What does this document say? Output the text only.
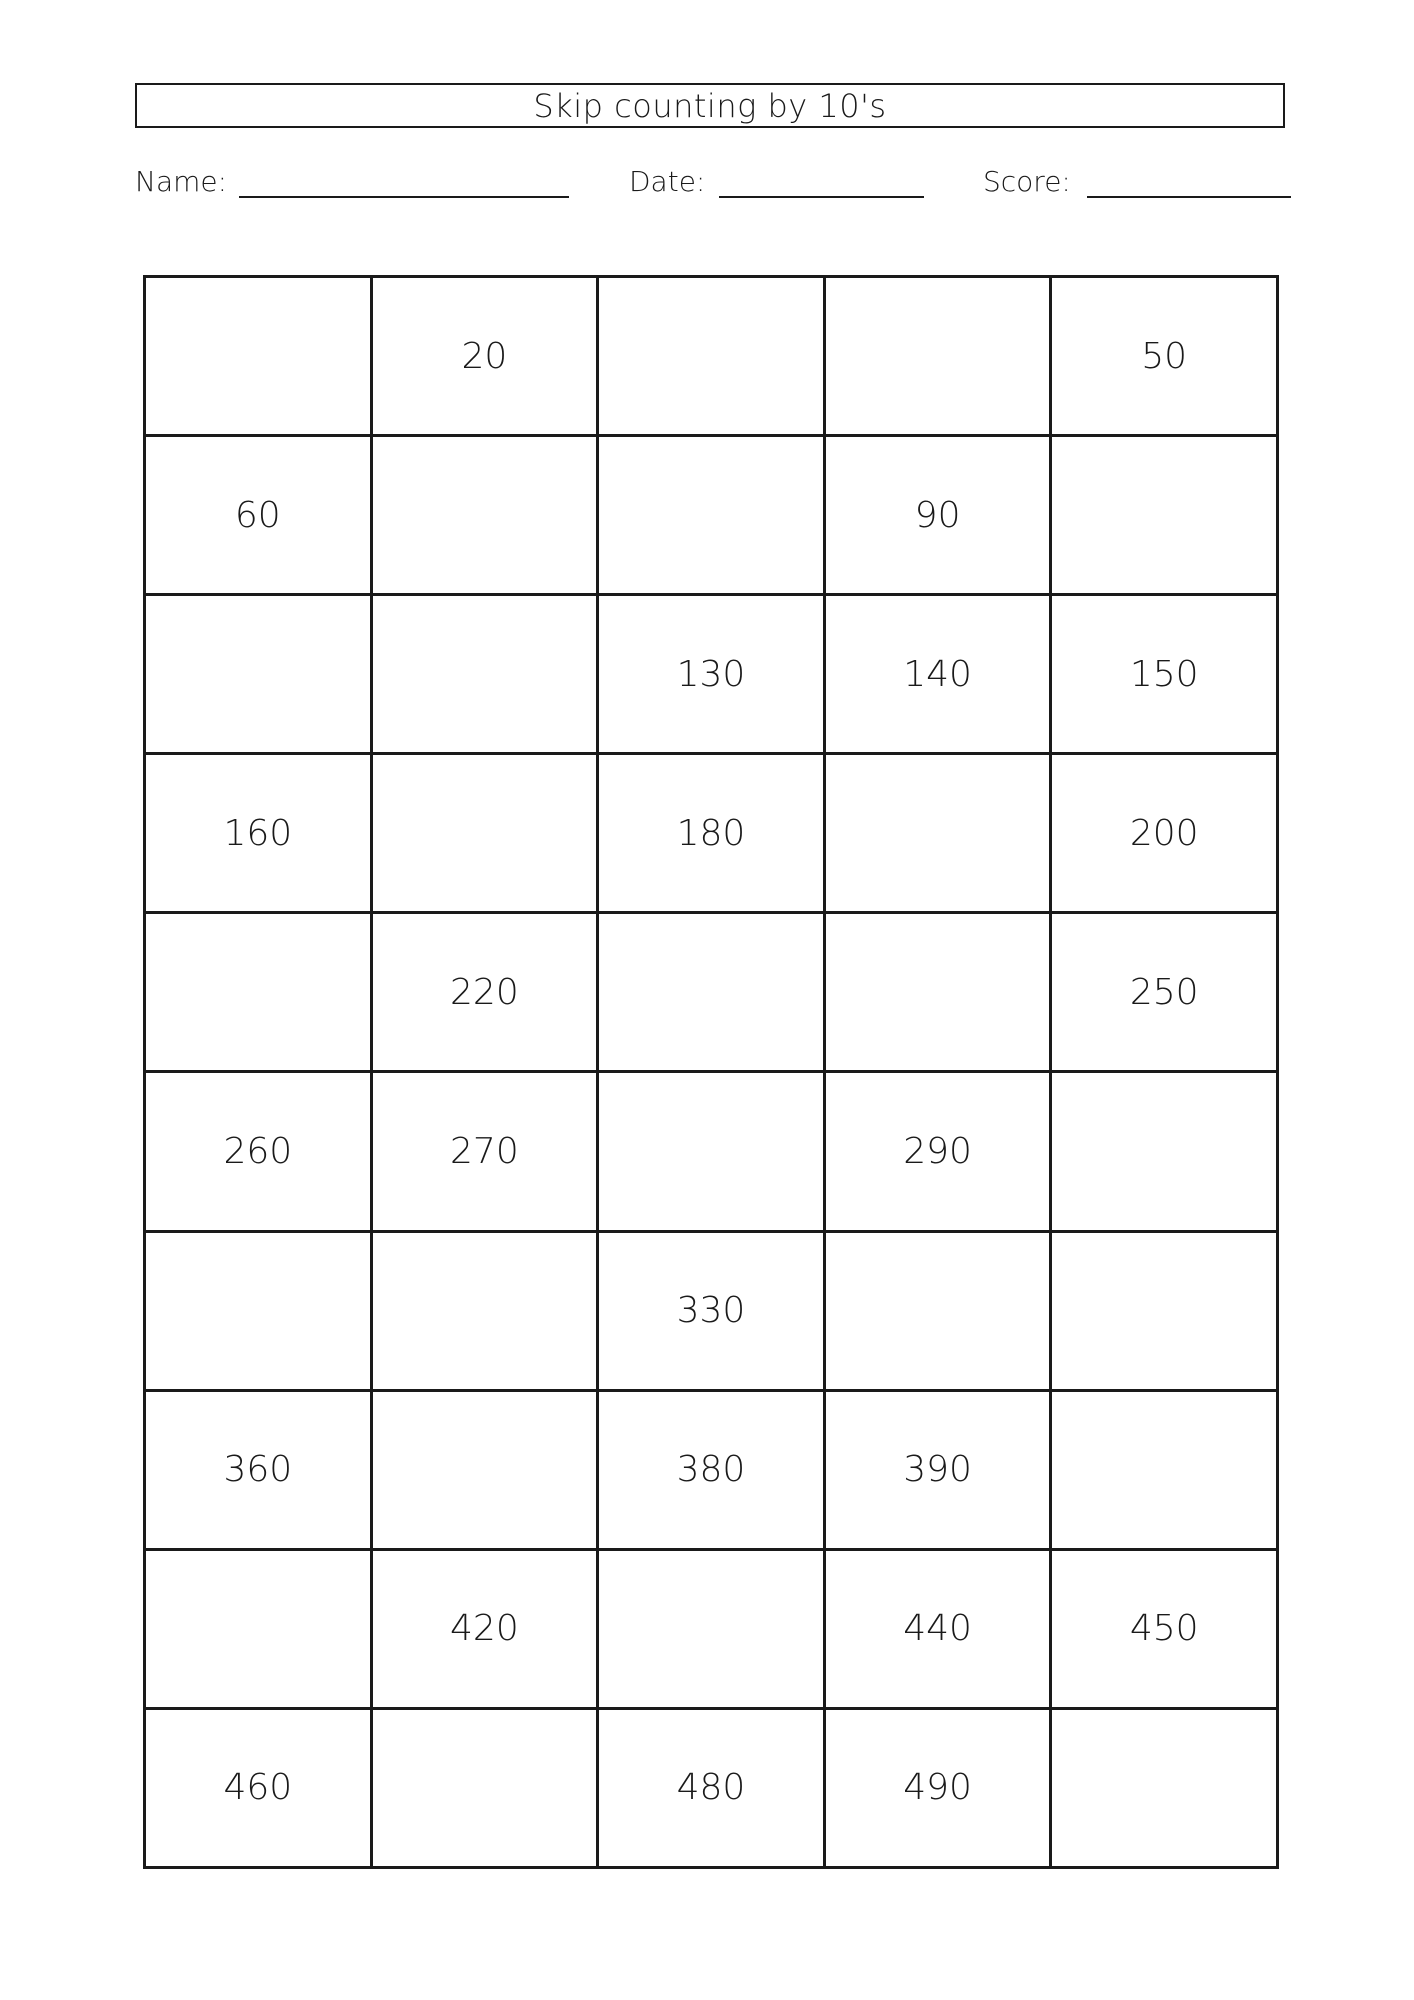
Skip counting by 10's
Name:	Date:	Score:
	20			50
60			90	
		130	140	150
160		180		200
	220			250
260	270		290	
		330		
360		380	390	
	420		440	450
460		480	490	
